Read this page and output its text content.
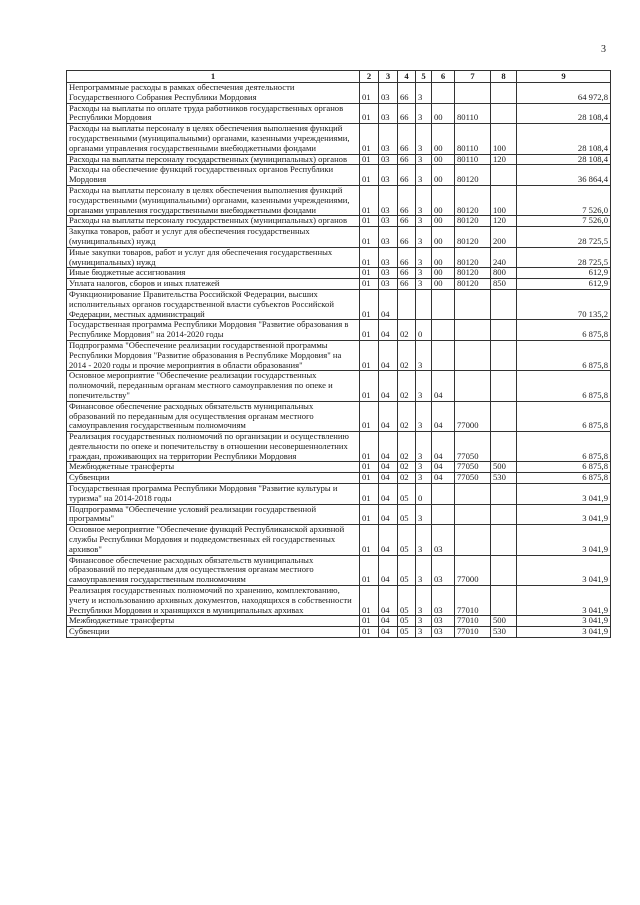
3
1	2	3	4	5	6	7	8	9
Непрограммные расходы в рамках обеспечения деятельности Государственного Собрания Республики Мордовия	01	03	66	3				64 972,8
Расходы на выплаты по оплате труда работников государственных органов Республики Мордовия	01	03	66	3	00	80110		28 108,4
Расходы на выплаты персоналу в целях обеспечения выполнения функций государственными (муниципальными) органами, казенными учреждениями, органами управления государственными внебюджетными фондами	01	03	66	3	00	80110	100	28 108,4
Расходы на выплаты персоналу государственных (муниципальных) органов	01	03	66	3	00	80110	120	28 108,4
Расходы на обеспечение функций государственных органов Республики Мордовия	01	03	66	3	00	80120		36 864,4
Расходы на выплаты персоналу в целях обеспечения выполнения функций государственными (муниципальными) органами, казенными учреждениями, органами управления государственными внебюджетными фондами	01	03	66	3	00	80120	100	7 526,0
Расходы на выплаты персоналу государственных (муниципальных) органов	01	03	66	3	00	80120	120	7 526,0
Закупка товаров, работ и услуг для обеспечения государственных (муниципальных) нужд	01	03	66	3	00	80120	200	28 725,5
Иные закупки товаров, работ и услуг для обеспечения государственных (муниципальных) нужд	01	03	66	3	00	80120	240	28 725,5
Иные бюджетные ассигнования	01	03	66	3	00	80120	800	612,9
Уплата налогов, сборов и иных платежей	01	03	66	3	00	80120	850	612,9
Функционирование Правительства Российской Федерации, высших исполнительных органов государственной власти субъектов Российской Федерации, местных администраций	01	04						70 135,2
Государственная программа Республики Мордовия "Развитие образования в Республике Мордовия" на 2014-2020 годы	01	04	02	0				6 875,8
Подпрограмма "Обеспечение реализации государственной программы Республики Мордовия "Развитие образования в Республике Мордовия" на 2014 - 2020 годы и прочие мероприятия в области образования"	01	04	02	3				6 875,8
Основное мероприятие "Обеспечение реализации государственных полномочий, переданным органам местного самоуправления по опеке и попечительству"	01	04	02	3	04			6 875,8
Финансовое обеспечение расходных обязательств муниципальных образований по переданным для осуществления органам местного самоуправления государственным полномочиям	01	04	02	3	04	77000		6 875,8
Реализация государственных полномочий по организации и осуществлению деятельности по опеке и попечительству в отношении несовершеннолетних граждан, проживающих на территории Республики Мордовия	01	04	02	3	04	77050		6 875,8
Межбюджетные трансферты	01	04	02	3	04	77050	500	6 875,8
Субвенции	01	04	02	3	04	77050	530	6 875,8
Государственная программа Республики Мордовия "Развитие культуры и туризма" на 2014-2018 годы	01	04	05	0				3 041,9
Подпрограмма "Обеспечение условий реализации государственной программы"	01	04	05	3				3 041,9
Основное мероприятие "Обеспечение функций Республиканской архивной службы Республики Мордовия и подведомственных ей государственных архивов"	01	04	05	3	03			3 041,9
Финансовое обеспечение расходных обязательств муниципальных образований по переданным для осуществления органам местного самоуправления государственным полномочиям	01	04	05	3	03	77000		3 041,9
Реализация государственных полномочий по хранению, комплектованию, учету и использованию архивных документов, находящихся в собственности Республики Мордовия и хранящихся в муниципальных архивах	01	04	05	3	03	77010		3 041,9
Межбюджетные трансферты	01	04	05	3	03	77010	500	3 041,9
Субвенции	01	04	05	3	03	77010	530	3 041,9
